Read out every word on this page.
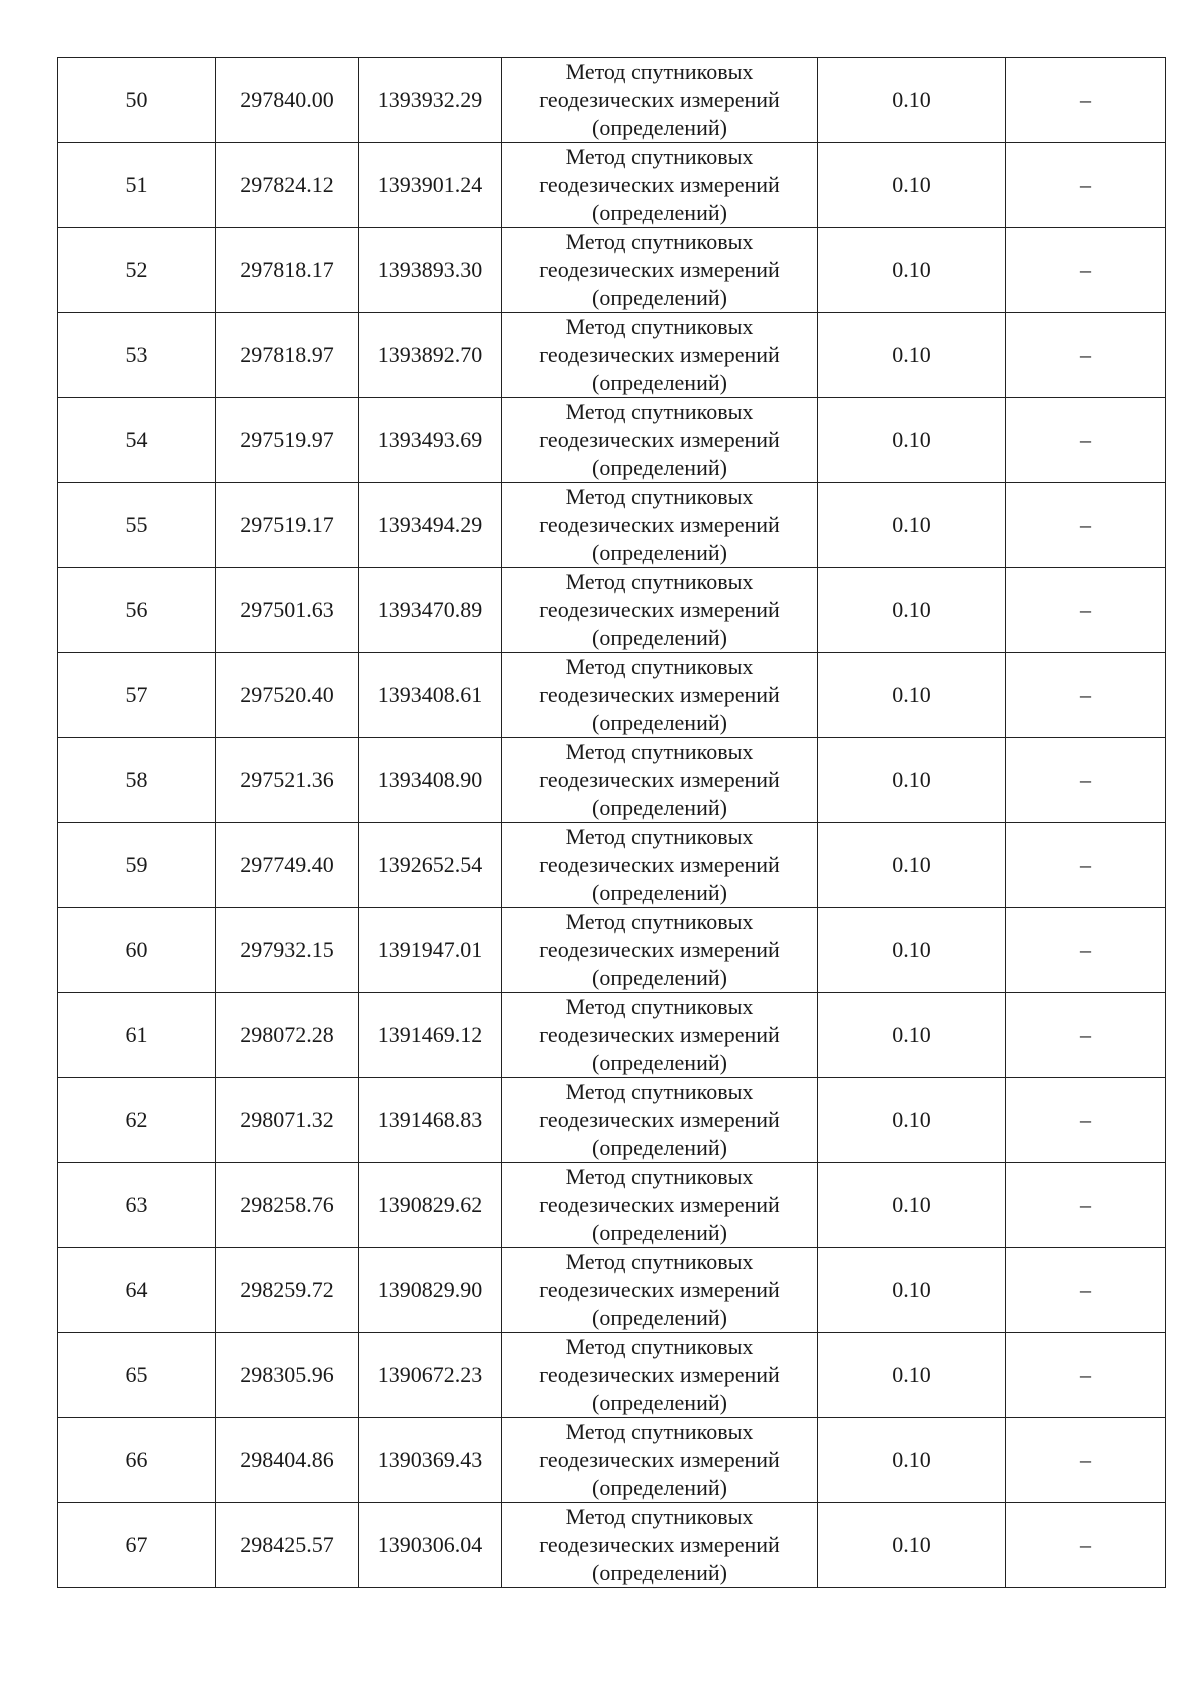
50	297840.00	1393932.29	Метод спутниковых
геодезических измерений
(определений)	0.10	–
51	297824.12	1393901.24	Метод спутниковых
геодезических измерений
(определений)	0.10	–
52	297818.17	1393893.30	Метод спутниковых
геодезических измерений
(определений)	0.10	–
53	297818.97	1393892.70	Метод спутниковых
геодезических измерений
(определений)	0.10	–
54	297519.97	1393493.69	Метод спутниковых
геодезических измерений
(определений)	0.10	–
55	297519.17	1393494.29	Метод спутниковых
геодезических измерений
(определений)	0.10	–
56	297501.63	1393470.89	Метод спутниковых
геодезических измерений
(определений)	0.10	–
57	297520.40	1393408.61	Метод спутниковых
геодезических измерений
(определений)	0.10	–
58	297521.36	1393408.90	Метод спутниковых
геодезических измерений
(определений)	0.10	–
59	297749.40	1392652.54	Метод спутниковых
геодезических измерений
(определений)	0.10	–
60	297932.15	1391947.01	Метод спутниковых
геодезических измерений
(определений)	0.10	–
61	298072.28	1391469.12	Метод спутниковых
геодезических измерений
(определений)	0.10	–
62	298071.32	1391468.83	Метод спутниковых
геодезических измерений
(определений)	0.10	–
63	298258.76	1390829.62	Метод спутниковых
геодезических измерений
(определений)	0.10	–
64	298259.72	1390829.90	Метод спутниковых
геодезических измерений
(определений)	0.10	–
65	298305.96	1390672.23	Метод спутниковых
геодезических измерений
(определений)	0.10	–
66	298404.86	1390369.43	Метод спутниковых
геодезических измерений
(определений)	0.10	–
67	298425.57	1390306.04	Метод спутниковых
геодезических измерений
(определений)	0.10	–
